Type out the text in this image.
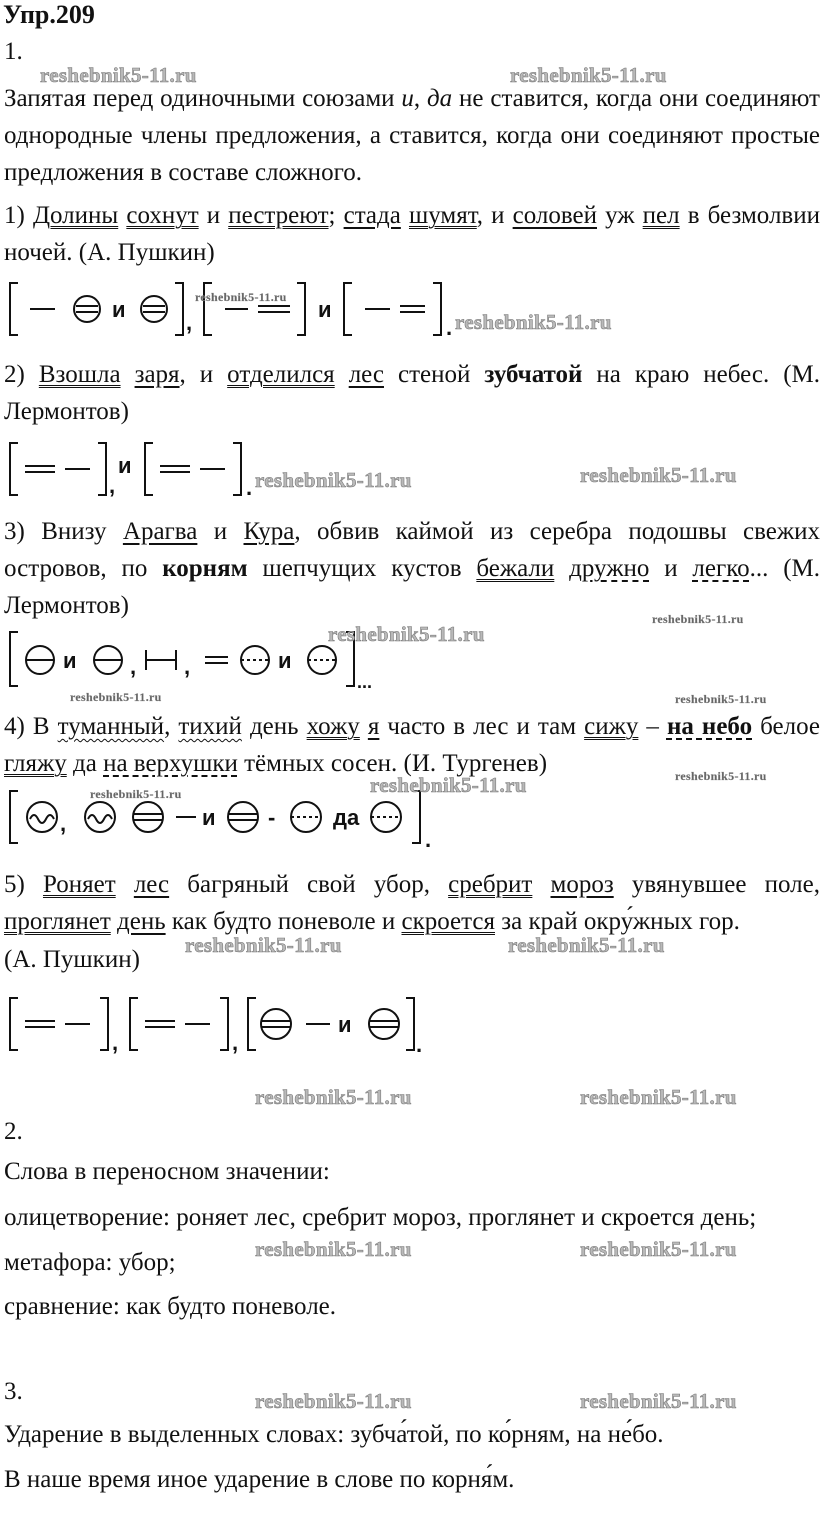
Упр.209
1.
Запятая перед одиночными союзами и, да не ставится, когда они соединяют однородные члены предложения, а ставится, когда они соединяют простые предложения в составе сложного.
1) Долины сохнут и пестреют; стада шумят, и соловей уж пел в безмолвии ночей. (А. Пушкин)
и
,
и
.
2) Взошла заря, и отделился лес стеной зубчатой на краю небес. (М. Лермонтов)
,
и
.
3) Внизу Арагва и Кура, обвив каймой из серебра подошвы свежих островов, по корням шепчущих кустов бежали дружно и легко... (М. Лермонтов)
и , ,	и
...
4) В туманный, тихий день хожу я часто в лес и там сижу – на небо белое гляжу да на верхушки тёмных сосен. (И. Тургенев)
,	и -	да
.
5) Роняет лес багряный свой убор, сребрит мороз увянувшее поле, проглянет день как будто поневоле и скроется за край окру́жных гор.
(А. Пушкин)
,	,
и
.
2.
Слова в переносном значении:
олицетворение: роняет лес, сребрит мороз, проглянет и скроется день;
метафора: убор;
сравнение: как будто поневоле.
3.
Ударение в выделенных словах: зубча́той, по ко́рням, на не́бо.
В наше время иное ударение в слове по корня́м.
reshebnik5-11.ru	reshebnik5-11.ru
reshebnik5-11.ru
reshebnik5-11.ru
reshebnik5-11.ru	reshebnik5-11.ru
reshebnik5-11.ru
reshebnik5-11.ru
reshebnik5-11.ru	reshebnik5-11.ru
reshebnik5-11.ru
reshebnik5-11.ru
reshebnik5-11.ru
reshebnik5-11.ru	reshebnik5-11.ru
reshebnik5-11.ru	reshebnik5-11.ru
reshebnik5-11.ru	reshebnik5-11.ru
reshebnik5-11.ru	reshebnik5-11.ru
